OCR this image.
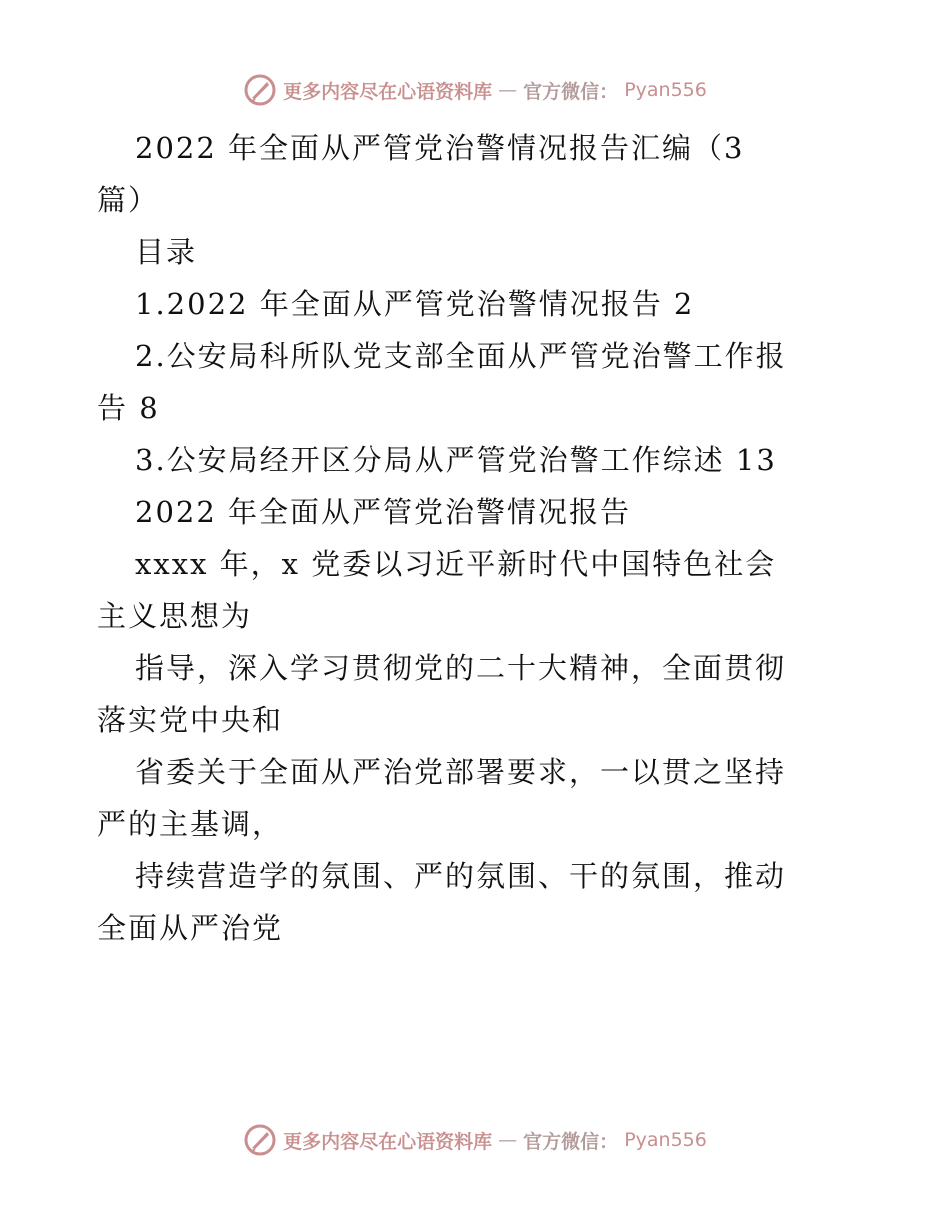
更多内容尽在心语资料库 — 官方微信： Pyan556
2022 年全面从严管党治警情况报告汇编（3
篇）
目录
1.2022 年全面从严管党治警情况报告 2
2.公安局科所队党支部全面从严管党治警工作报
告 8
3.公安局经开区分局从严管党治警工作综述 13
2022 年全面从严管党治警情况报告
xxxx 年，x 党委以习近平新时代中国特色社会
主义思想为
指导，深入学习贯彻党的二十大精神，全面贯彻
落实党中央和
省委关于全面从严治党部署要求，一以贯之坚持
严的主基调，
持续营造学的氛围、严的氛围、干的氛围，推动
全面从严治党
更多内容尽在心语资料库 — 官方微信： Pyan556
